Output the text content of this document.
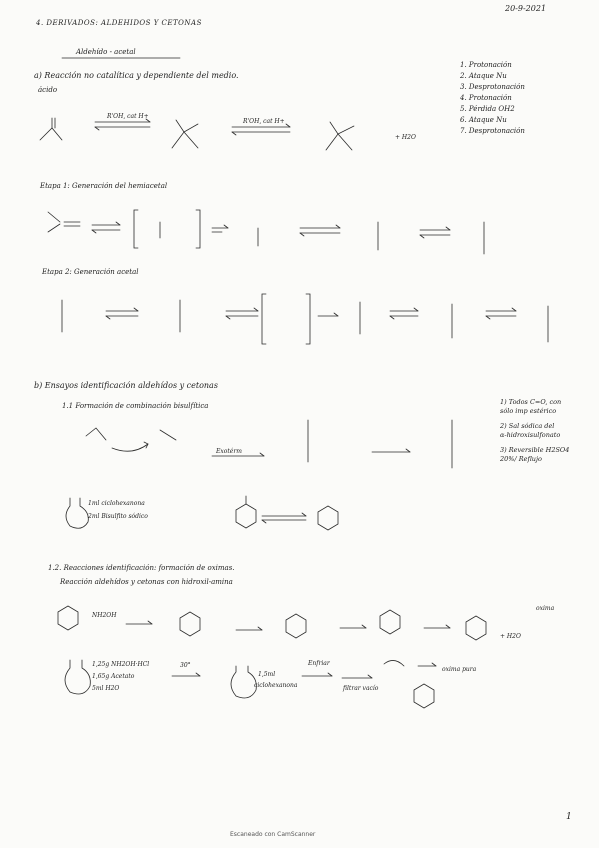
20-9-2021
4. DERIVADOS: ALDEHIDOS Y CETONAS
Aldehído - acetal
a) Reacción no catalítica y dependiente del medio.
ácido
R'OH, cat H+
R'OH, cat H+
+ H2O
1. Protonación
2. Ataque Nu
3. Desprotonación
4. Protonación
5. Pérdida OH2
6. Ataque Nu
7. Desprotonación
Etapa 1: Generación del hemiacetal
Etapa 2: Generación acetal
b) Ensayos identificación aldehídos y cetonas
1.1 Formación de combinación bisulfítica
Exotérm
1ml ciclohexanona
2ml Bisulfito sódico
1) Todos C=O, con
sólo imp estérico
2) Sal sódica del
α-hidroxisulfonato
3) Reversible H2SO4
20%/ Reflujo
1.2. Reacciones identificación: formación de oximas.
Reacción aldehídos y cetonas con hidroxil-amina
NH2OH
oxima
+ H2O
1,25g NH2OH·HCl
1,65g Acetato
5ml H2O
30°
1,5ml
ciclohexanona
Enfriar
filtrar vacío
oxima pura
1
Escaneado con CamScanner
